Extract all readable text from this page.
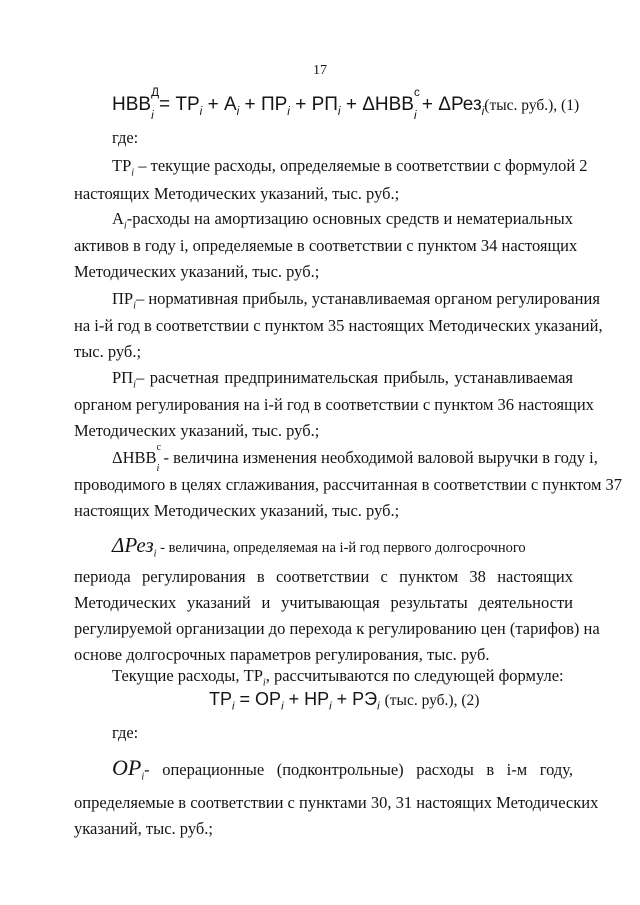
17
НВВ
Д
$_i = ТР_i + А_i + ПР_i + РП_i + \Delta НВВ$
с
$_i$ + ΔРез$_i$(тыс. руб.), (1)
где:
$ТР_i$ – текущие расходы, определяемые в соответствии с формулой 2
настоящих Методических указаний, тыс. руб.;
$А_i$-расходы на амортизацию основных средств и нематериальных
активов в году i, определяемые в соответствии с пунктом 34 настоящих
Методических указаний, тыс. руб.;
$ПР_i-$ нормативная прибыль, устанавливаемая органом регулирования
на i-й год в соответствии с пунктом 35 настоящих Методических указаний,
тыс. руб.;
$РП_i-$ расчетная предпринимательская прибыль, устанавливаемая
органом регулирования на i-й год в соответствии с пунктом 36 настоящих
Методических указаний, тыс. руб.;
ΔНВВ
с
$_i$ - величина изменения необходимой валовой выручки в году i,
проводимого в целях сглаживания, рассчитанная в соответствии с пунктом 37
настоящих Методических указаний, тыс. руб.;
ΔРез$_i$ - величина, определяемая на i-й год первого долгосрочного
периода регулирования в соответствии с пунктом 38 настоящих
Методических указаний и учитывающая результаты деятельности
регулируемой организации до перехода к регулированию цен (тарифов) на
основе долгосрочных параметров регулирования, тыс. руб.
Текущие расходы, $ТР_i$, рассчитываются по следующей формуле:
$ТР_i = ОР_i + НР_i + РЭ_i$ (тыс. руб.), (2)
где:
$ОР_i-$ операционные (подконтрольные) расходы в i-м году,
определяемые в соответствии с пунктами 30, 31 настоящих Методических
указаний, тыс. руб.;
